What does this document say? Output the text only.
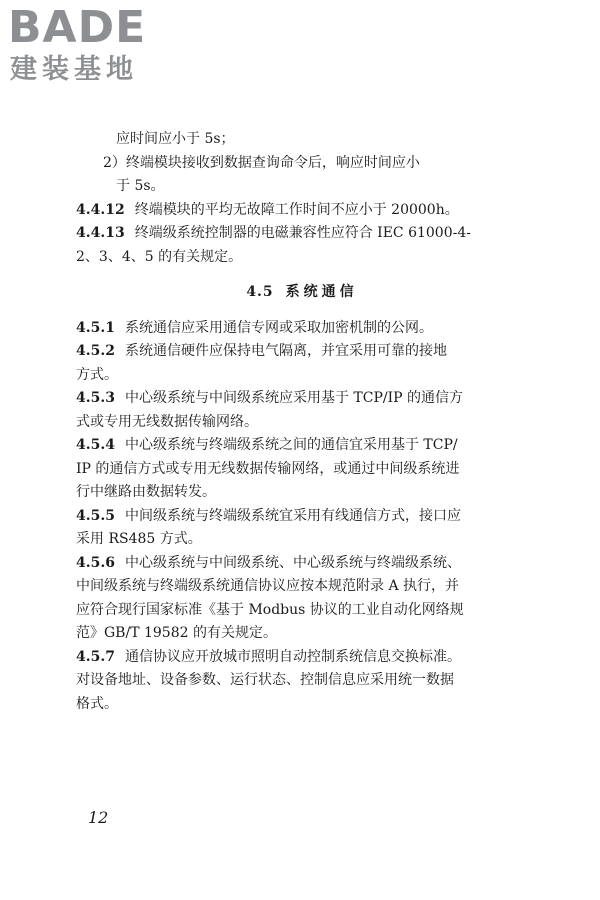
BADE
建装基地
应时间应小于 5s；
2）终端模块接收到数据查询命令后，响应时间应小
于 5s。
4.4.12 终端模块的平均无故障工作时间不应小于 20000h。
4.4.13 终端级系统控制器的电磁兼容性应符合 IEC 61000-4-
2、3、4、5 的有关规定。
4.5 系统通信
4.5.1 系统通信应采用通信专网或采取加密机制的公网。
4.5.2 系统通信硬件应保持电气隔离，并宜采用可靠的接地
方式。
4.5.3 中心级系统与中间级系统应采用基于 TCP/IP 的通信方
式或专用无线数据传输网络。
4.5.4 中心级系统与终端级系统之间的通信宜采用基于 TCP/
IP 的通信方式或专用无线数据传输网络，或通过中间级系统进
行中继路由数据转发。
4.5.5 中间级系统与终端级系统宜采用有线通信方式，接口应
采用 RS485 方式。
4.5.6 中心级系统与中间级系统、中心级系统与终端级系统、
中间级系统与终端级系统通信协议应按本规范附录 A 执行，并
应符合现行国家标准《基于 Modbus 协议的工业自动化网络规
范》GB/T 19582 的有关规定。
4.5.7 通信协议应开放城市照明自动控制系统信息交换标准。
对设备地址、设备参数、运行状态、控制信息应采用统一数据
格式。
12
